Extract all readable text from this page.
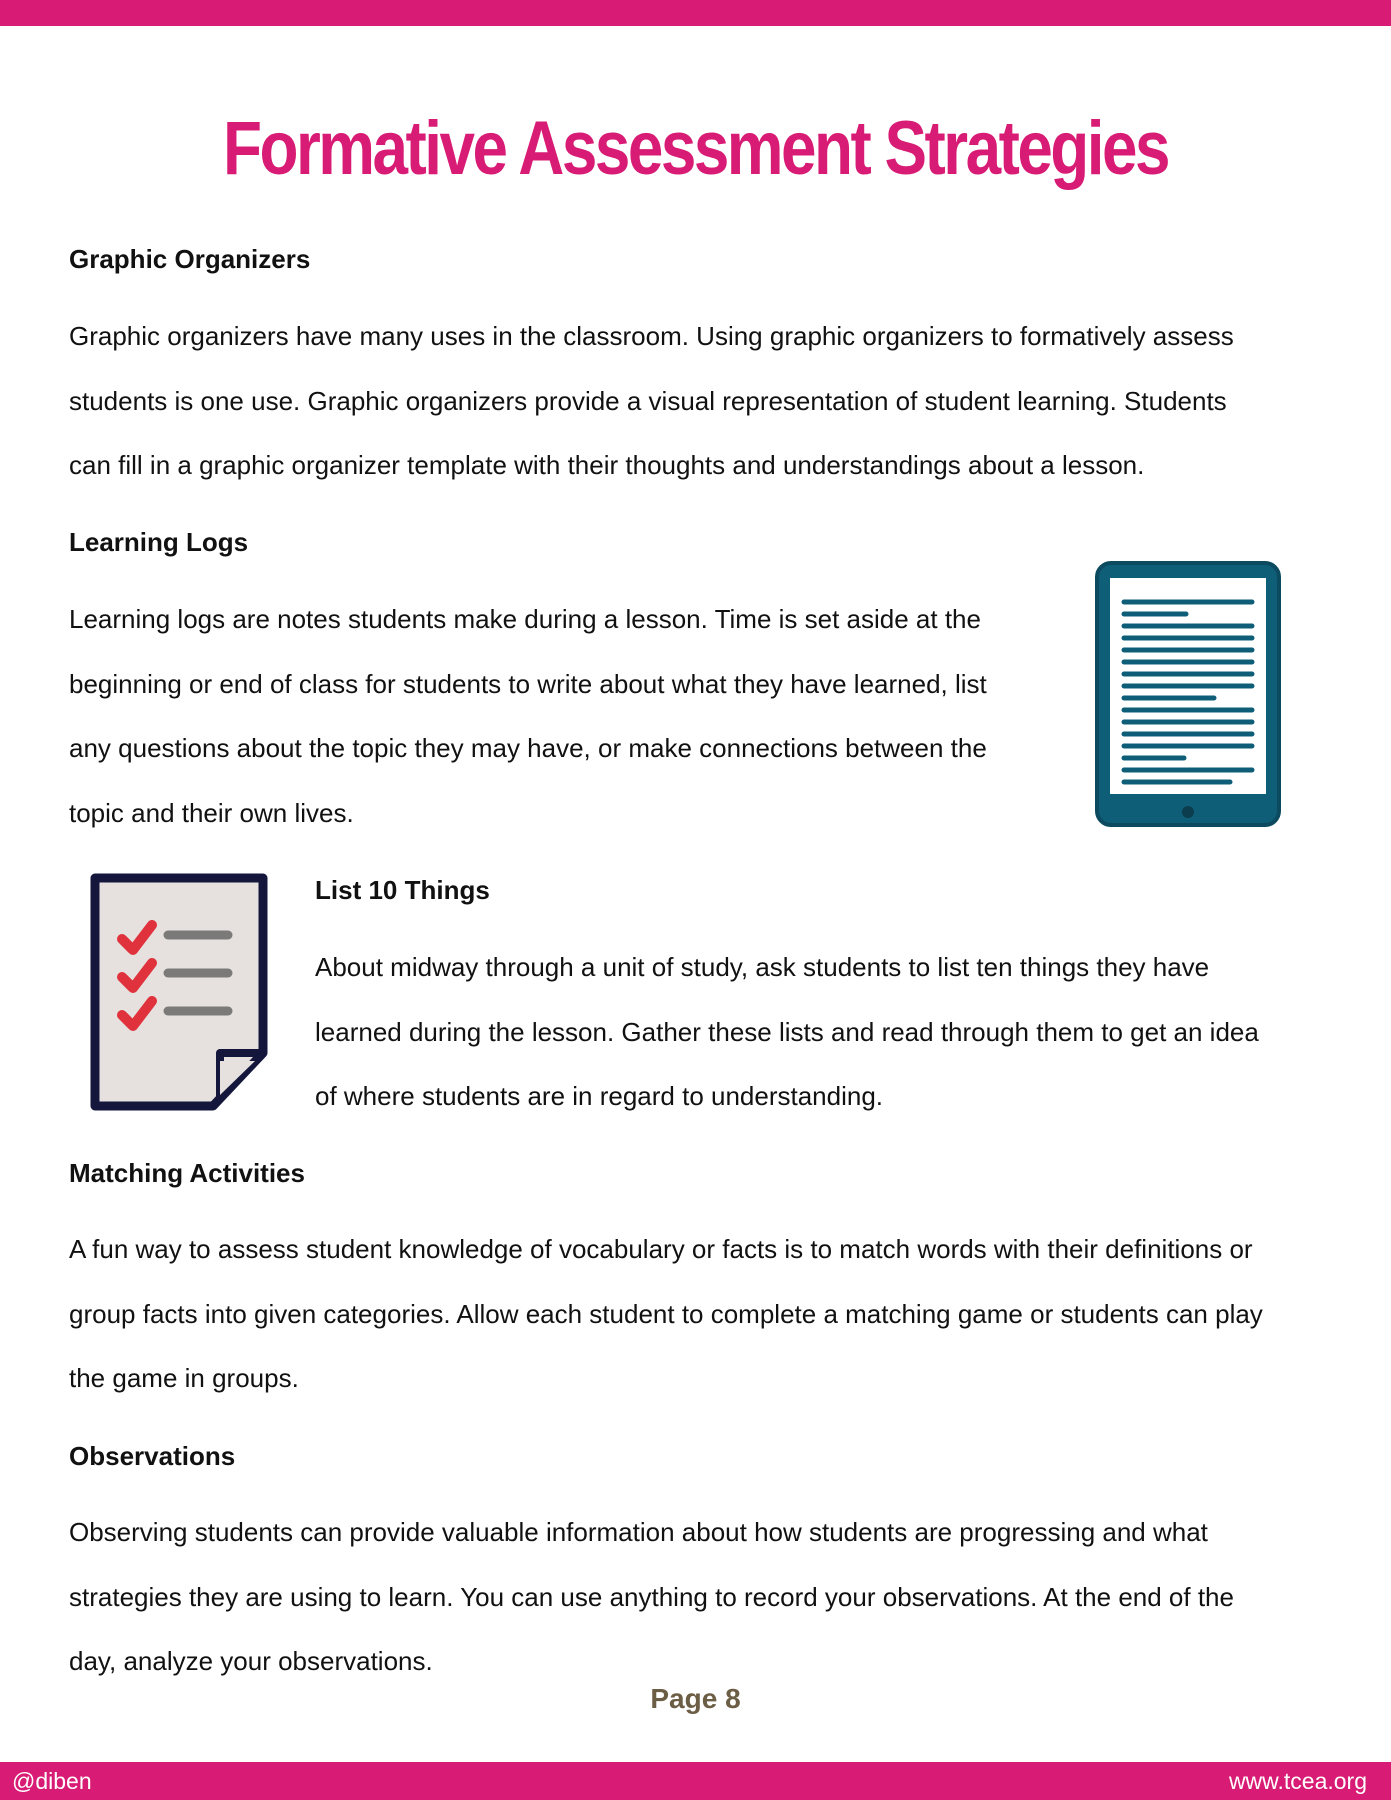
Formative Assessment Strategies
Graphic Organizers
Graphic organizers have many uses in the classroom. Using graphic organizers to formatively assess
students is one use. Graphic organizers provide a visual representation of student learning. Students
can fill in a graphic organizer template with their thoughts and understandings about a lesson.
Learning Logs
Learning logs are notes students make during a lesson. Time is set aside at the
beginning or end of class for students to write about what they have learned, list
any questions about the topic they may have, or make connections between the
topic and their own lives.
List 10 Things
About midway through a unit of study, ask students to list ten things they have
learned during the lesson. Gather these lists and read through them to get an idea
of where students are in regard to understanding.
Matching Activities
A fun way to assess student knowledge of vocabulary or facts is to match words with their definitions or
group facts into given categories. Allow each student to complete a matching game or students can play
the game in groups.
Observations
Observing students can provide valuable information about how students are progressing and what
strategies they are using to learn. You can use anything to record your observations. At the end of the
day, analyze your observations.
Page 8
@diben	www.tcea.org
